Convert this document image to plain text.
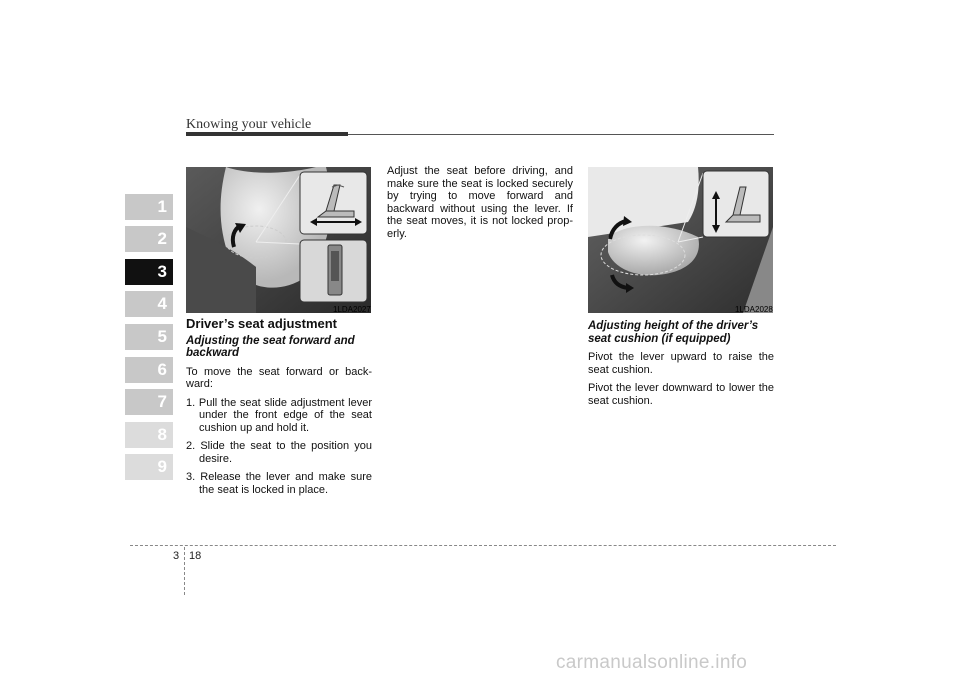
Knowing your vehicle
1
2
3
4
5
6
7
8
9
1LDA2027	1LDA2028
Driver’s seat adjustment
Adjusting the seat forward and backward
To move the seat forward or backward:
1. Pull the seat slide adjustment lever under the front edge of the seat cushion up and hold it.
2. Slide the seat to the position you desire.
3. Release the lever and make sure the seat is locked in place.
Adjust the seat before driving, and make sure the seat is locked securely by trying to move forward and backward without using the lever. If the seat moves, it is not locked properly.
Adjusting height of the driver’s seat cushion (if equipped)
Pivot the lever upward to raise the seat cushion.
Pivot the lever downward to lower the seat cushion.
3 18
carmanualsonline.info
